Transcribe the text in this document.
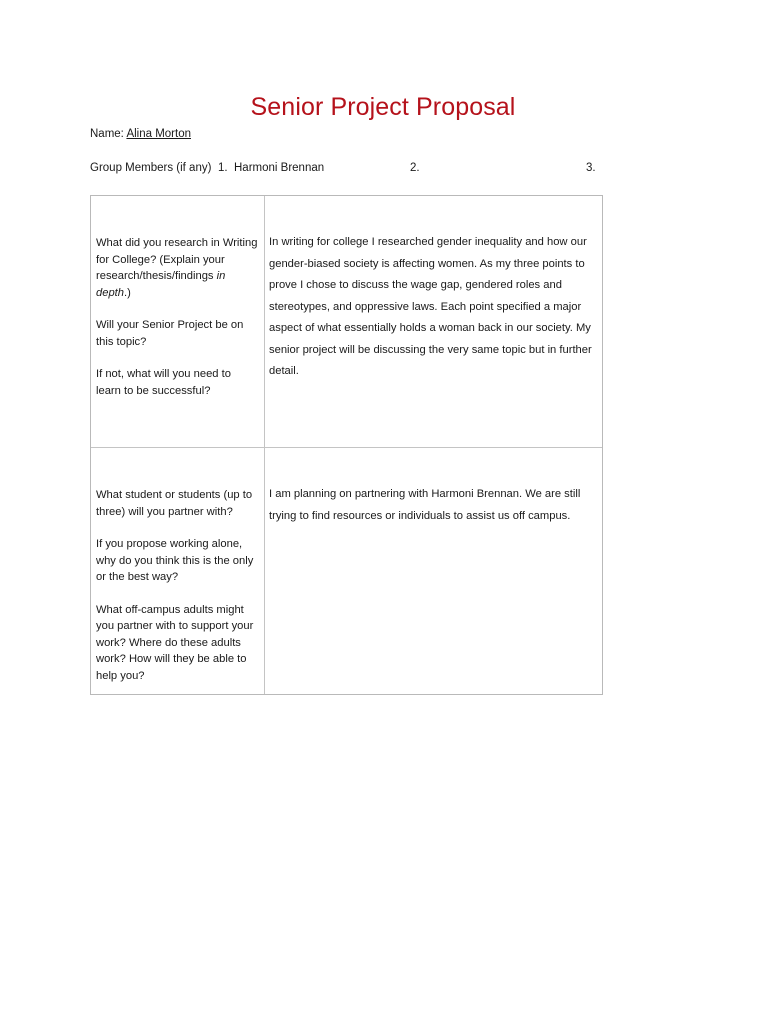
Senior Project Proposal
Name: Alina Morton
Group Members (if any) 1. Harmoni Brennan	2.	3.

What did you research in Writing for College? (Explain your research/thesis/findings in depth.)

Will your Senior Project be on this topic?

If not, what will you need to learn to be successful?

In writing for college I researched gender inequality and how our gender-biased society is affecting women. As my three points to prove I chose to discuss the wage gap, gendered roles and stereotypes, and oppressive laws. Each point specified a major aspect of what essentially holds a woman back in our society. My senior project will be discussing the very same topic but in further detail.

What student or students (up to three) will you partner with?

If you propose working alone, why do you think this is the only or the best way?

What off-campus adults might you partner with to support your work? Where do these adults work? How will they be able to help you?

I am planning on partnering with Harmoni Brennan. We are still trying to find resources or individuals to assist us off campus.
